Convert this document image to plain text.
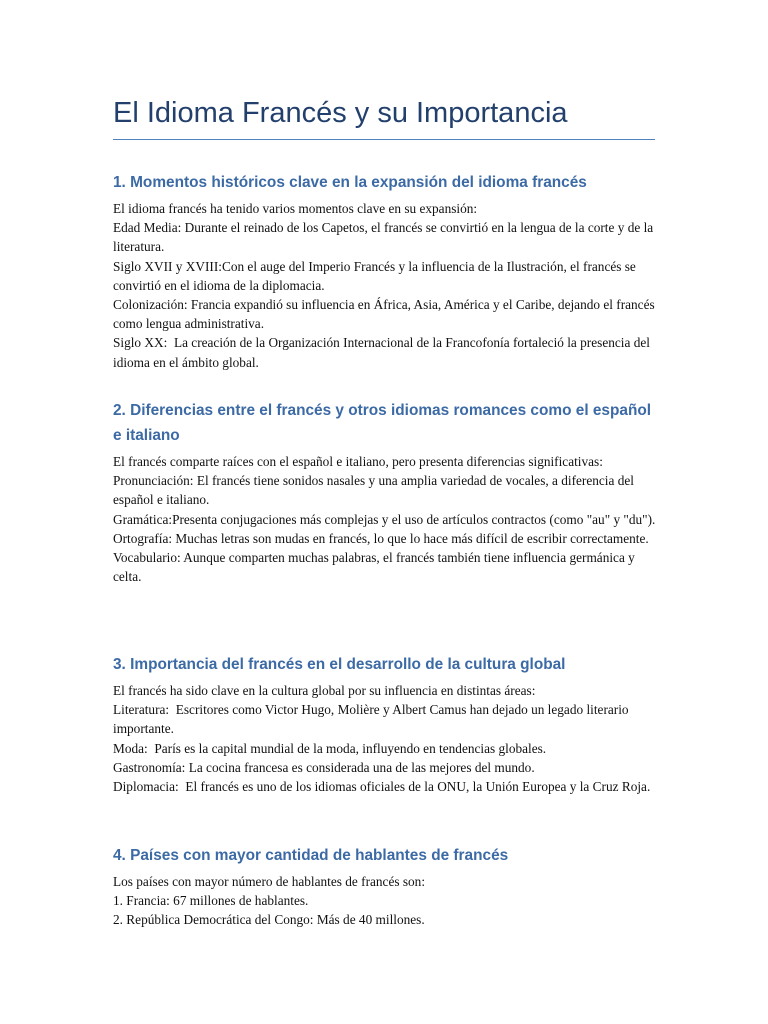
El Idioma Francés y su Importancia
1. Momentos históricos clave en la expansión del idioma francés

El idioma francés ha tenido varios momentos clave en su expansión:

Edad Media: Durante el reinado de los Capetos, el francés se convirtió en la lengua de la corte y de la literatura.

Siglo XVII y XVIII:Con el auge del Imperio Francés y la influencia de la Ilustración, el francés se convirtió en el idioma de la diplomacia.

Colonización: Francia expandió su influencia en África, Asia, América y el Caribe, dejando el francés como lengua administrativa.

Siglo XX:  La creación de la Organización Internacional de la Francofonía fortaleció la presencia del idioma en el ámbito global.

2. Diferencias entre el francés y otros idiomas romances como el español e italiano

El francés comparte raíces con el español e italiano, pero presenta diferencias significativas:

Pronunciación: El francés tiene sonidos nasales y una amplia variedad de vocales, a diferencia del español e italiano.

Gramática:Presenta conjugaciones más complejas y el uso de artículos contractos (como "au" y "du").

Ortografía: Muchas letras son mudas en francés, lo que lo hace más difícil de escribir correctamente.

Vocabulario: Aunque comparten muchas palabras, el francés también tiene influencia germánica y celta.

3. Importancia del francés en el desarrollo de la cultura global

El francés ha sido clave en la cultura global por su influencia en distintas áreas:

Literatura:  Escritores como Victor Hugo, Molière y Albert Camus han dejado un legado literario importante.

Moda:  París es la capital mundial de la moda, influyendo en tendencias globales.

Gastronomía: La cocina francesa es considerada una de las mejores del mundo.

Diplomacia:  El francés es uno de los idiomas oficiales de la ONU, la Unión Europea y la Cruz Roja.

4. Países con mayor cantidad de hablantes de francés

Los países con mayor número de hablantes de francés son:

1. Francia: 67 millones de hablantes.

2. República Democrática del Congo: Más de 40 millones.
